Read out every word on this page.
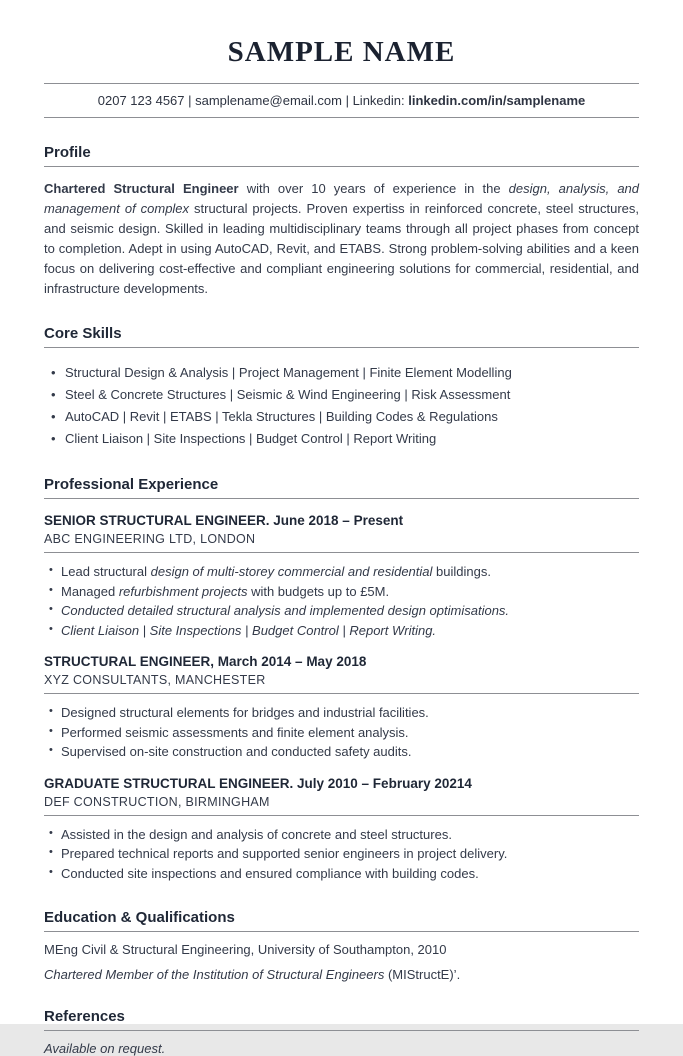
SAMPLE NAME

0207 123 4567 | samplename@email.com | Linkedin: linkedin.com/in/samplename

Profile

Chartered Structural Engineer with over 10 years of experience in the design, analysis, and management of complex structural projects. Proven expertiss in reinforced concrete, steel structures, and seismic design. Skilled in leading multidisciplinary teams through all project phases from concept to completion. Adept in using AutoCAD, Revit, and ETABS. Strong problem-solving abilities and a keen focus on delivering cost-effective and compliant engineering solutions for commercial, residential, and infrastructure developments.

Core Skills
• Structural Design & Analysis | Project Management | Finite Element Modelling
• Steel & Concrete Structures | Seismic & Wind Engineering | Risk Assessment
• AutoCAD | Revit | ETABS | Tekla Structures | Building Codes & Regulations
• Client Liaison | Site Inspections | Budget Control | Report Writing
Professional Experience
SENIOR STRUCTURAL ENGINEER. June 2018 – Present
ABC ENGINEERING LTD, LONDON
• Lead structural design of multi-storey commercial and residential buildings.
• Managed refurbishment projects with budgets up to £5M.
• Conducted detailed structural analysis and implemented design optimisations.
• Client Liaison | Site Inspections | Budget Control | Report Writing.
STRUCTURAL ENGINEER, March 2014 – May 2018
XYZ CONSULTANTS, MANCHESTER
• Designed structural elements for bridges and industrial facilities.
• Performed seismic assessments and finite element analysis.
• Supervised on-site construction and conducted safety audits.
GRADUATE STRUCTURAL ENGINEER. July 2010 – February 20214
DEF CONSTRUCTION, BIRMINGHAM
• Assisted in the design and analysis of concrete and steel structures.
• Prepared technical reports and supported senior engineers in project delivery.
• Conducted site inspections and ensured compliance with building codes.
Education & Qualifications

MEng Civil & Structural Engineering, University of Southampton, 2010

Chartered Member of the Institution of Structural Engineers (MIStructE)’.

References

Available on request.
